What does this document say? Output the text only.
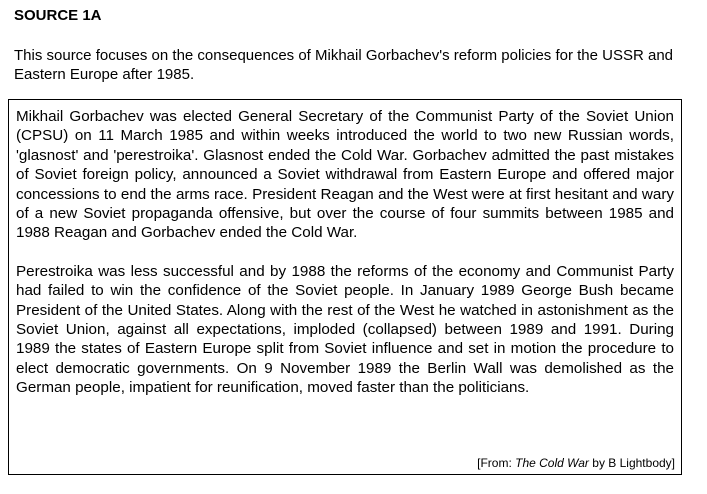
SOURCE 1A

This source focuses on the consequences of Mikhail Gorbachev's reform policies for the USSR and Eastern Europe after 1985.

Mikhail Gorbachev was elected General Secretary of the Communist Party of the Soviet Union (CPSU) on 11 March 1985 and within weeks introduced the world to two new Russian words, 'glasnost' and 'perestroika'. Glasnost ended the Cold War. Gorbachev admitted the past mistakes of Soviet foreign policy, announced a Soviet withdrawal from Eastern Europe and offered major concessions to end the arms race. President Reagan and the West were at first hesitant and wary of a new Soviet propaganda offensive, but over the course of four summits between 1985 and 1988 Reagan and Gorbachev ended the Cold War.

Perestroika was less successful and by 1988 the reforms of the economy and Communist Party had failed to win the confidence of the Soviet people. In January 1989 George Bush became President of the United States. Along with the rest of the West he watched in astonishment as the Soviet Union, against all expectations, imploded (collapsed) between 1989 and 1991. During 1989 the states of Eastern Europe split from Soviet influence and set in motion the procedure to elect democratic governments. On 9 November 1989 the Berlin Wall was demolished as the German people, impatient for reunification, moved faster than the politicians.

[From: The Cold War by B Lightbody]
